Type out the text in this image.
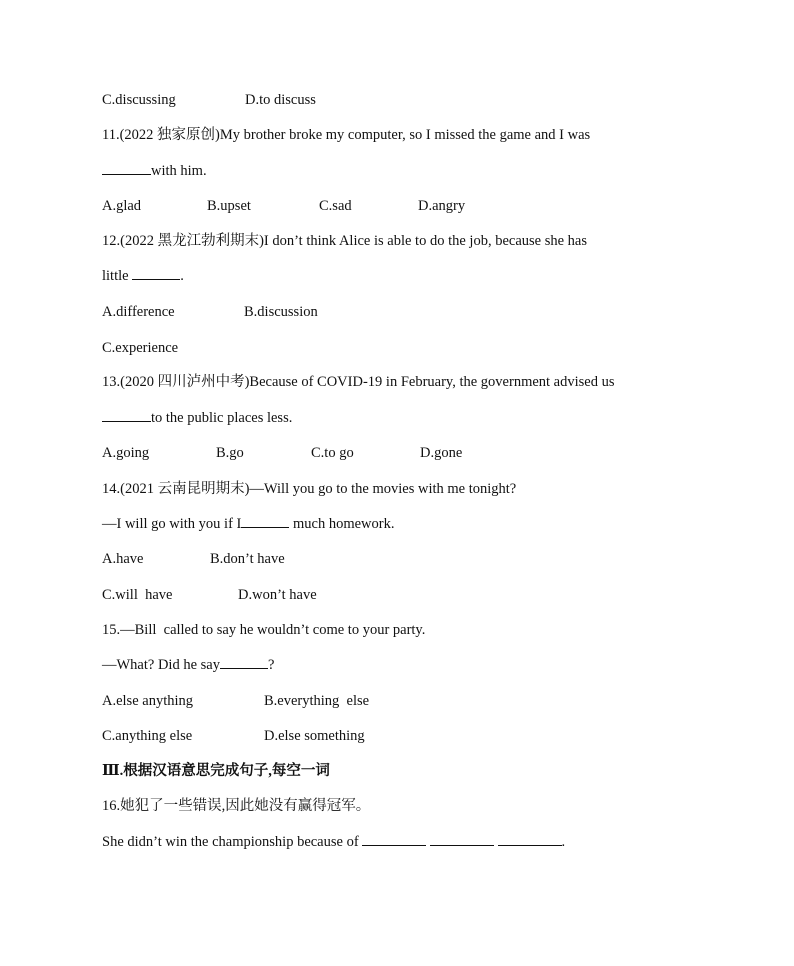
C.discussing	D.to discuss
11.(2022 独家原创)My brother broke my computer, so I missed the game and I was
with him.
A.glad	B.upset	C.sad	D.angry
12.(2022 黑龙江勃利期末)I don’t think Alice is able to do the job, because she has
little	.
A.difference	B.discussion
C.experience
13.(2020 四川泸州中考)Because of COVID-19 in February, the government advised us
to the public places less.
A.going	B.go	C.to go	D.gone
14.(2021 云南昆明期末)—Will you go to the movies with me tonight?
—I will go with you if I	much homework.
A.have	B.don’t have
C.will  have	D.won’t have
15.—Bill  called to say he wouldn’t come to your party.
—What? Did he say	?
A.else anything	B.everything  else
C.anything else	D.else something
Ⅲ.根据汉语意思完成句子,每空一词
16.她犯了一些错误,因此她没有赢得冠军。
She didn’t win the championship because of	.
